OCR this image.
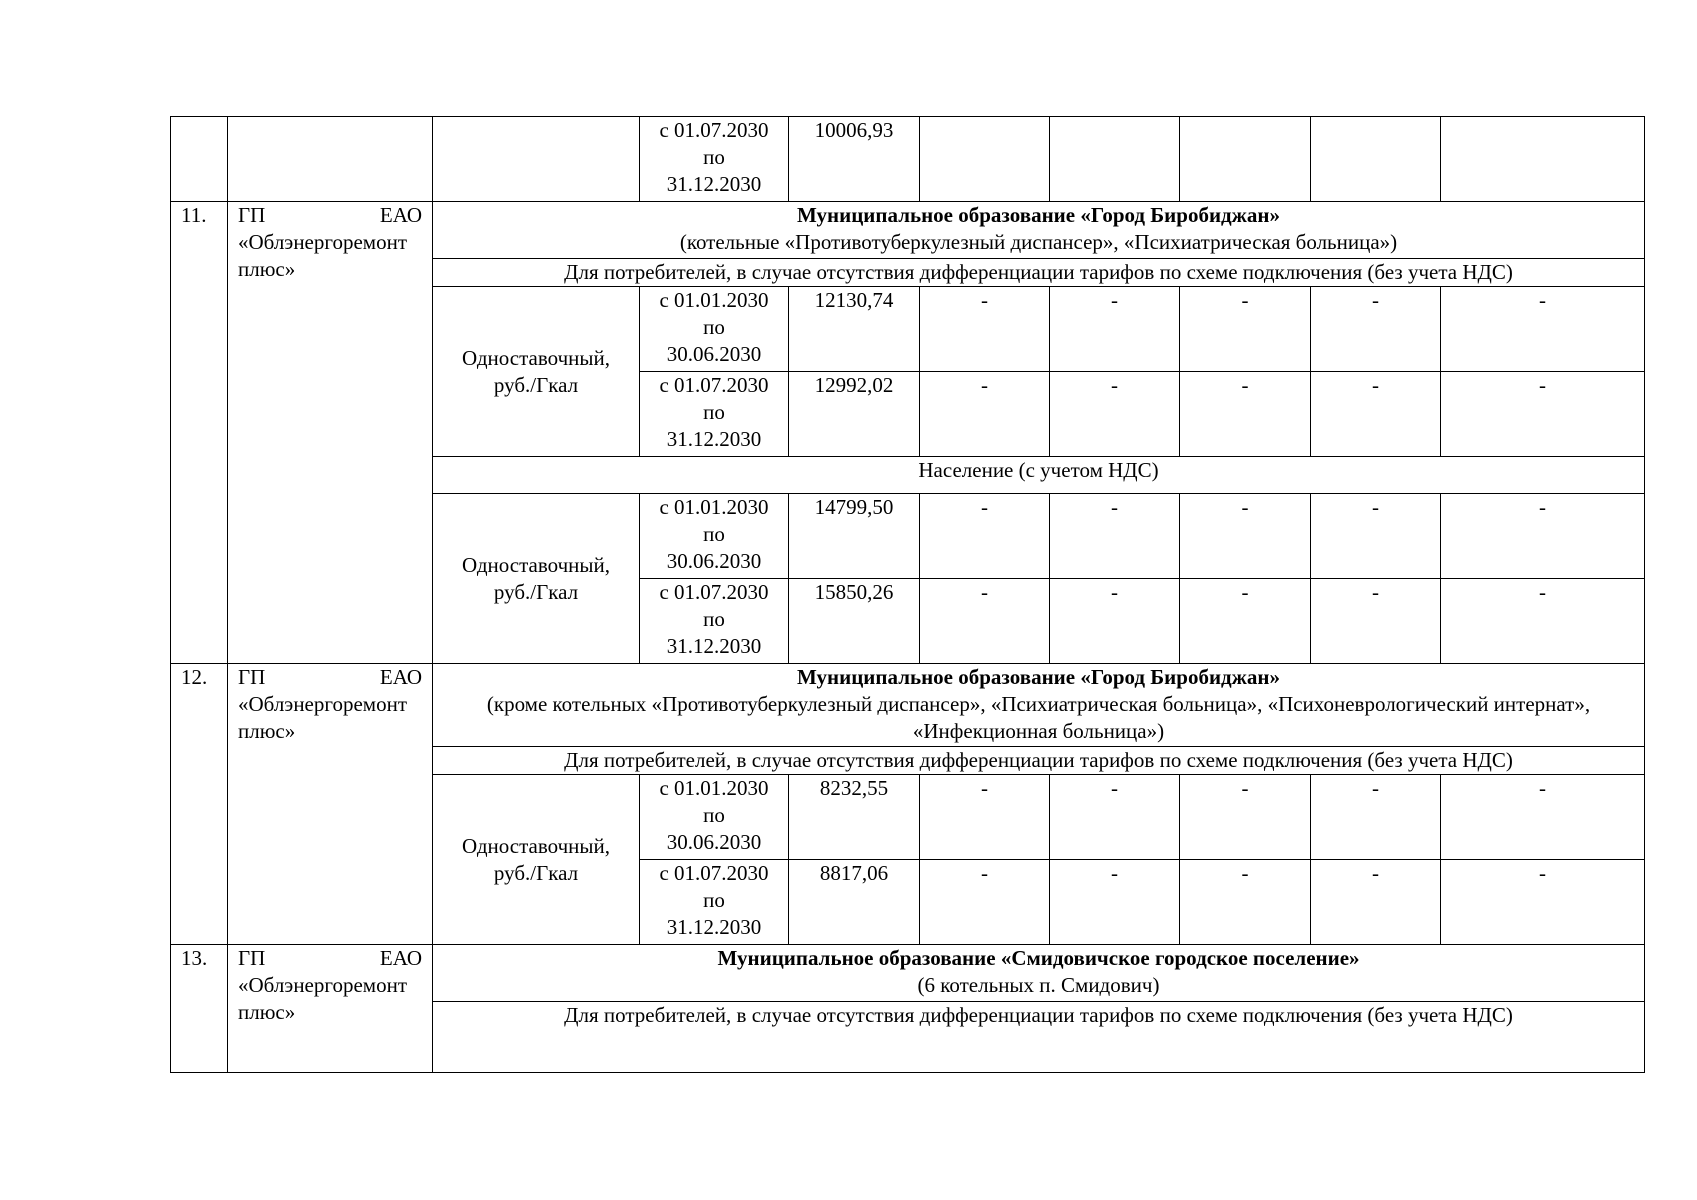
			с 01.07.2030
по
31.12.2030	10006,93					
11.	ГП ЕАО
«Облэнергоремонт
плюс»	Муниципальное образование «Город Биробиджан»
(котельные «Противотуберкулезный диспансер», «Психиатрическая больница»)							

		Для потребителей, в случае отсутствия дифференциации тарифов по схеме подключения (без учета НДС)							

		Одноставочный,
руб./Гкал	с 01.01.2030
по
30.06.2030	12130,74	-	-	-	-	-

			с 01.07.2030
по
31.12.2030	12992,02	-	-	-	-	-
		Население (с учетом НДС)							

		Одноставочный,
руб./Гкал	с 01.01.2030
по
30.06.2030	14799,50	-	-	-	-	-

			с 01.07.2030
по
31.12.2030	15850,26	-	-	-	-	-
12.	ГП ЕАО
«Облэнергоремонт
плюс»	Муниципальное образование «Город Биробиджан»
(кроме котельных «Противотуберкулезный диспансер», «Психиатрическая больница», «Психоневрологический интернат», «Инфекционная больница»)							

		Для потребителей, в случае отсутствия дифференциации тарифов по схеме подключения (без учета НДС)							

		Одноставочный,
руб./Гкал	с 01.01.2030
по
30.06.2030	8232,55	-	-	-	-	-

			с 01.07.2030
по
31.12.2030	8817,06	-	-	-	-	-
13.	ГП ЕАО
«Облэнергоремонт
плюс»	Муниципальное образование «Смидовичское городское поселение»
(6 котельных п. Смидович)							

		Для потребителей, в случае отсутствия дифференциации тарифов по схеме подключения (без учета НДС)							
